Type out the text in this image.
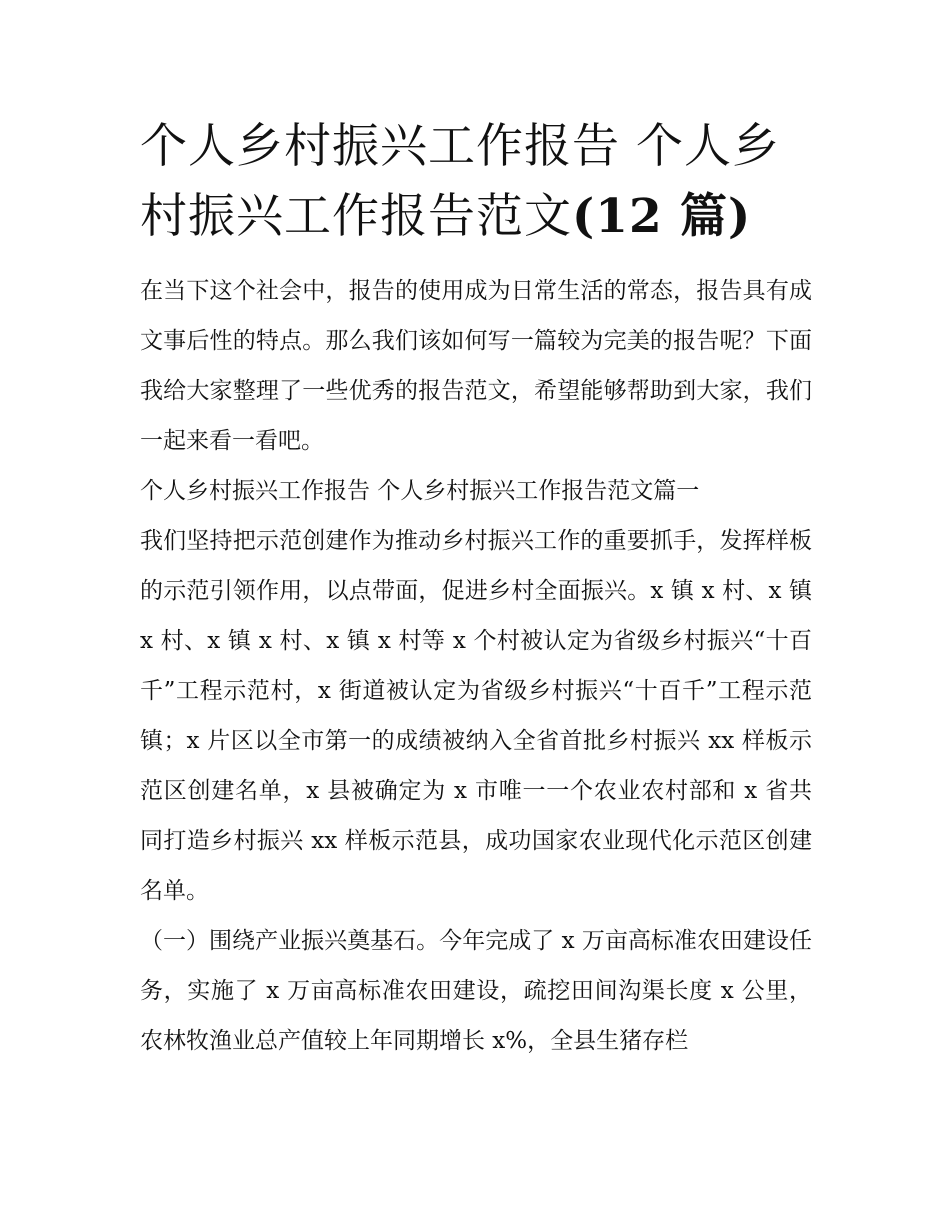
个人乡村振兴工作报告 个人乡村振兴工作报告范文(12 篇)

在当下这个社会中，报告的使用成为日常生活的常态，报告具有成文事后性的特点。那么我们该如何写一篇较为完美的报告呢？下面我给大家整理了一些优秀的报告范文，希望能够帮助到大家，我们一起来看一看吧。

个人乡村振兴工作报告 个人乡村振兴工作报告范文篇一

我们坚持把示范创建作为推动乡村振兴工作的重要抓手，发挥样板的示范引领作用，以点带面，促进乡村全面振兴。x 镇 x 村、x 镇 x 村、x 镇 x 村、x 镇 x 村等 x 个村被认定为省级乡村振兴“十百千”工程示范村，x 街道被认定为省级乡村振兴“十百千”工程示范镇；x 片区以全市第一的成绩被纳入全省首批乡村振兴 xx 样板示范区创建名单，x 县被确定为 x 市唯一一个农业农村部和 x 省共同打造乡村振兴 xx 样板示范县，成功国家农业现代化示范区创建名单。

（一）围绕产业振兴奠基石。今年完成了 x 万亩高标准农田建设任务，实施了 x 万亩高标准农田建设，疏挖田间沟渠长度 x 公里，农林牧渔业总产值较上年同期增长 x%，全县生猪存栏
